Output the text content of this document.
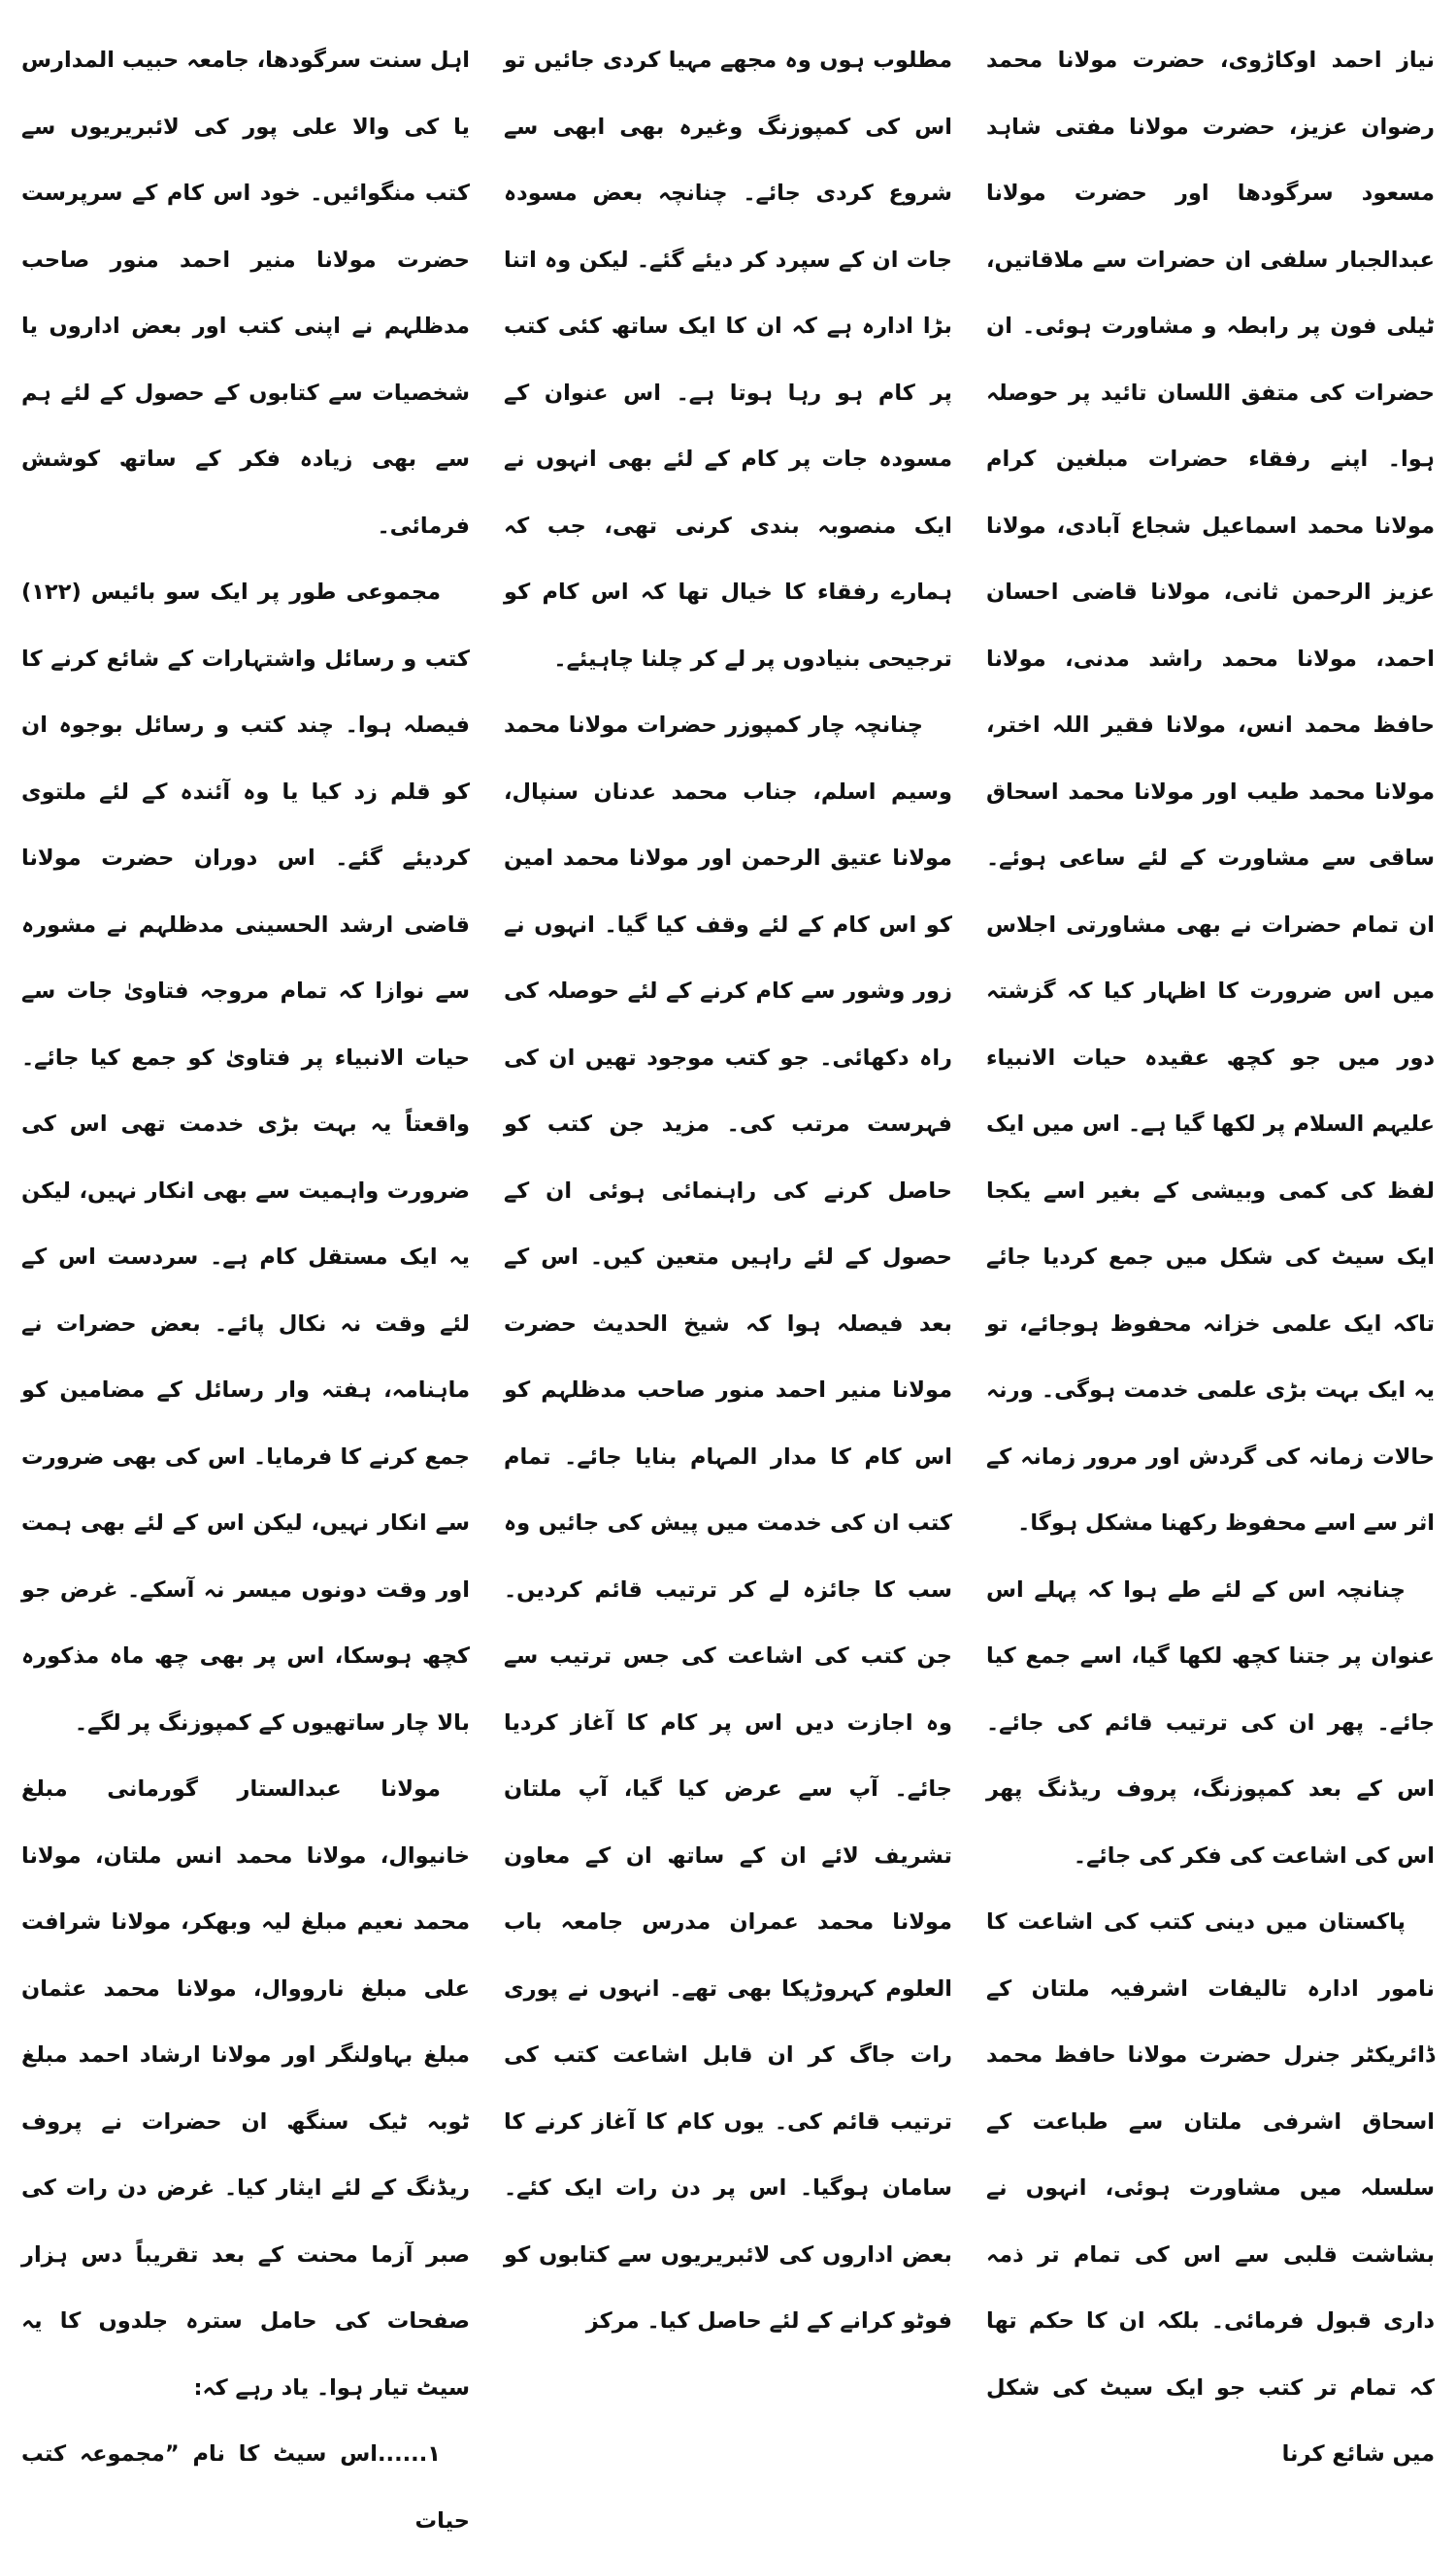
نیاز احمد اوکاڑوی، حضرت مولانا محمد رضوان عزیز، حضرت مولانا مفتی شاہد مسعود سرگودھا اور حضرت مولانا عبدالجبار سلفی ان حضرات سے ملاقاتیں، ٹیلی فون پر رابطہ و مشاورت ہوئی۔ ان حضرات کی متفق اللسان تائید پر حوصلہ ہوا۔ اپنے رفقاء حضرات مبلغین کرام مولانا محمد اسماعیل شجاع آبادی، مولانا عزیز الرحمن ثانی، مولانا قاضی احسان احمد، مولانا محمد راشد مدنی، مولانا حافظ محمد انس، مولانا فقیر اللہ اختر، مولانا محمد طیب اور مولانا محمد اسحاق ساقی سے مشاورت کے لئے ساعی ہوئے۔ ان تمام حضرات نے بھی مشاورتی اجلاس میں اس ضرورت کا اظہار کیا کہ گزشتہ دور میں جو کچھ عقیدہ حیات الانبیاء علیہم السلام پر لکھا گیا ہے۔ اس میں ایک لفظ کی کمی وبیشی کے بغیر اسے یکجا ایک سیٹ کی شکل میں جمع کردیا جائے تاکہ ایک علمی خزانہ محفوظ ہوجائے، تو یہ ایک بہت بڑی علمی خدمت ہوگی۔ ورنہ حالات زمانہ کی گردش اور مرور زمانہ کے اثر سے اسے محفوظ رکھنا مشکل ہوگا۔

چنانچہ اس کے لئے طے ہوا کہ پہلے اس عنوان پر جتنا کچھ لکھا گیا، اسے جمع کیا جائے۔ پھر ان کی ترتیب قائم کی جائے۔ اس کے بعد کمپوزنگ، پروف ریڈنگ پھر اس کی اشاعت کی فکر کی جائے۔

پاکستان میں دینی کتب کی اشاعت کا نامور ادارہ تالیفات اشرفیہ ملتان کے ڈائریکٹر جنرل حضرت مولانا حافظ محمد اسحاق اشرفی ملتان سے طباعت کے سلسلہ میں مشاورت ہوئی، انہوں نے بشاشت قلبی سے اس کی تمام تر ذمہ داری قبول فرمائی۔ بلکہ ان کا حکم تھا کہ تمام تر کتب جو ایک سیٹ کی شکل میں شائع کرنا

مطلوب ہوں وہ مجھے مہیا کردی جائیں تو اس کی کمپوزنگ وغیرہ بھی ابھی سے شروع کردی جائے۔ چنانچہ بعض مسودہ جات ان کے سپرد کر دیئے گئے۔ لیکن وہ اتنا بڑا ادارہ ہے کہ ان کا ایک ساتھ کئی کتب پر کام ہو رہا ہوتا ہے۔ اس عنوان کے مسودہ جات پر کام کے لئے بھی انہوں نے ایک منصوبہ بندی کرنی تھی، جب کہ ہمارے رفقاء کا خیال تھا کہ اس کام کو ترجیحی بنیادوں پر لے کر چلنا چاہیئے۔

چنانچہ چار کمپوزر حضرات مولانا محمد وسیم اسلم، جناب محمد عدنان سنپال، مولانا عتیق الرحمن اور مولانا محمد امین کو اس کام کے لئے وقف کیا گیا۔ انہوں نے زور وشور سے کام کرنے کے لئے حوصلہ کی راہ دکھائی۔ جو کتب موجود تھیں ان کی فہرست مرتب کی۔ مزید جن کتب کو حاصل کرنے کی راہنمائی ہوئی ان کے حصول کے لئے راہیں متعین کیں۔ اس کے بعد فیصلہ ہوا کہ شیخ الحدیث حضرت مولانا منیر احمد منور صاحب مدظلہم کو اس کام کا مدار المہام بنایا جائے۔ تمام کتب ان کی خدمت میں پیش کی جائیں وہ سب کا جائزہ لے کر ترتیب قائم کردیں۔ جن کتب کی اشاعت کی جس ترتیب سے وہ اجازت دیں اس پر کام کا آغاز کردیا جائے۔ آپ سے عرض کیا گیا، آپ ملتان تشریف لائے ان کے ساتھ ان کے معاون مولانا محمد عمران مدرس جامعہ باب العلوم کہروڑپکا بھی تھے۔ انہوں نے پوری رات جاگ کر ان قابل اشاعت کتب کی ترتیب قائم کی۔ یوں کام کا آغاز کرنے کا سامان ہوگیا۔ اس پر دن رات ایک کئے۔ بعض اداروں کی لائبریریوں سے کتابوں کو فوٹو کرانے کے لئے حاصل کیا۔ مرکز

اہل سنت سرگودھا، جامعہ حبیب المدارس یا کی والا علی پور کی لائبریریوں سے کتب منگوائیں۔ خود اس کام کے سرپرست حضرت مولانا منیر احمد منور صاحب مدظلہم نے اپنی کتب اور بعض اداروں یا شخصیات سے کتابوں کے حصول کے لئے ہم سے بھی زیادہ فکر کے ساتھ کوشش فرمائی۔

مجموعی طور پر ایک سو بائیس (۱۲۲) کتب و رسائل واشتہارات کے شائع کرنے کا فیصلہ ہوا۔ چند کتب و رسائل بوجوہ ان کو قلم زد کیا یا وہ آئندہ کے لئے ملتوی کردیئے گئے۔ اس دوران حضرت مولانا قاضی ارشد الحسینی مدظلہم نے مشورہ سے نوازا کہ تمام مروجہ فتاویٰ جات سے حیات الانبیاء پر فتاویٰ کو جمع کیا جائے۔ واقعتاً یہ بہت بڑی خدمت تھی اس کی ضرورت واہمیت سے بھی انکار نہیں، لیکن یہ ایک مستقل کام ہے۔ سردست اس کے لئے وقت نہ نکال پائے۔ بعض حضرات نے ماہنامہ، ہفتہ وار رسائل کے مضامین کو جمع کرنے کا فرمایا۔ اس کی بھی ضرورت سے انکار نہیں، لیکن اس کے لئے بھی ہمت اور وقت دونوں میسر نہ آسکے۔ غرض جو کچھ ہوسکا، اس پر بھی چھ ماہ مذکورہ بالا چار ساتھیوں کے کمپوزنگ پر لگے۔

مولانا عبدالستار گورمانی مبلغ خانیوال، مولانا محمد انس ملتان، مولانا محمد نعیم مبلغ لیہ وبھکر، مولانا شرافت علی مبلغ نارووال، مولانا محمد عثمان مبلغ بہاولنگر اور مولانا ارشاد احمد مبلغ ٹوبہ ٹیک سنگھ ان حضرات نے پروف ریڈنگ کے لئے ایثار کیا۔ غرض دن رات کی صبر آزما محنت کے بعد تقریباً دس ہزار صفحات کی حامل سترہ جلدوں کا یہ سیٹ تیار ہوا۔ یاد رہے کہ:

۱......اس سیٹ کا نام ”مجموعہ کتب حیات
